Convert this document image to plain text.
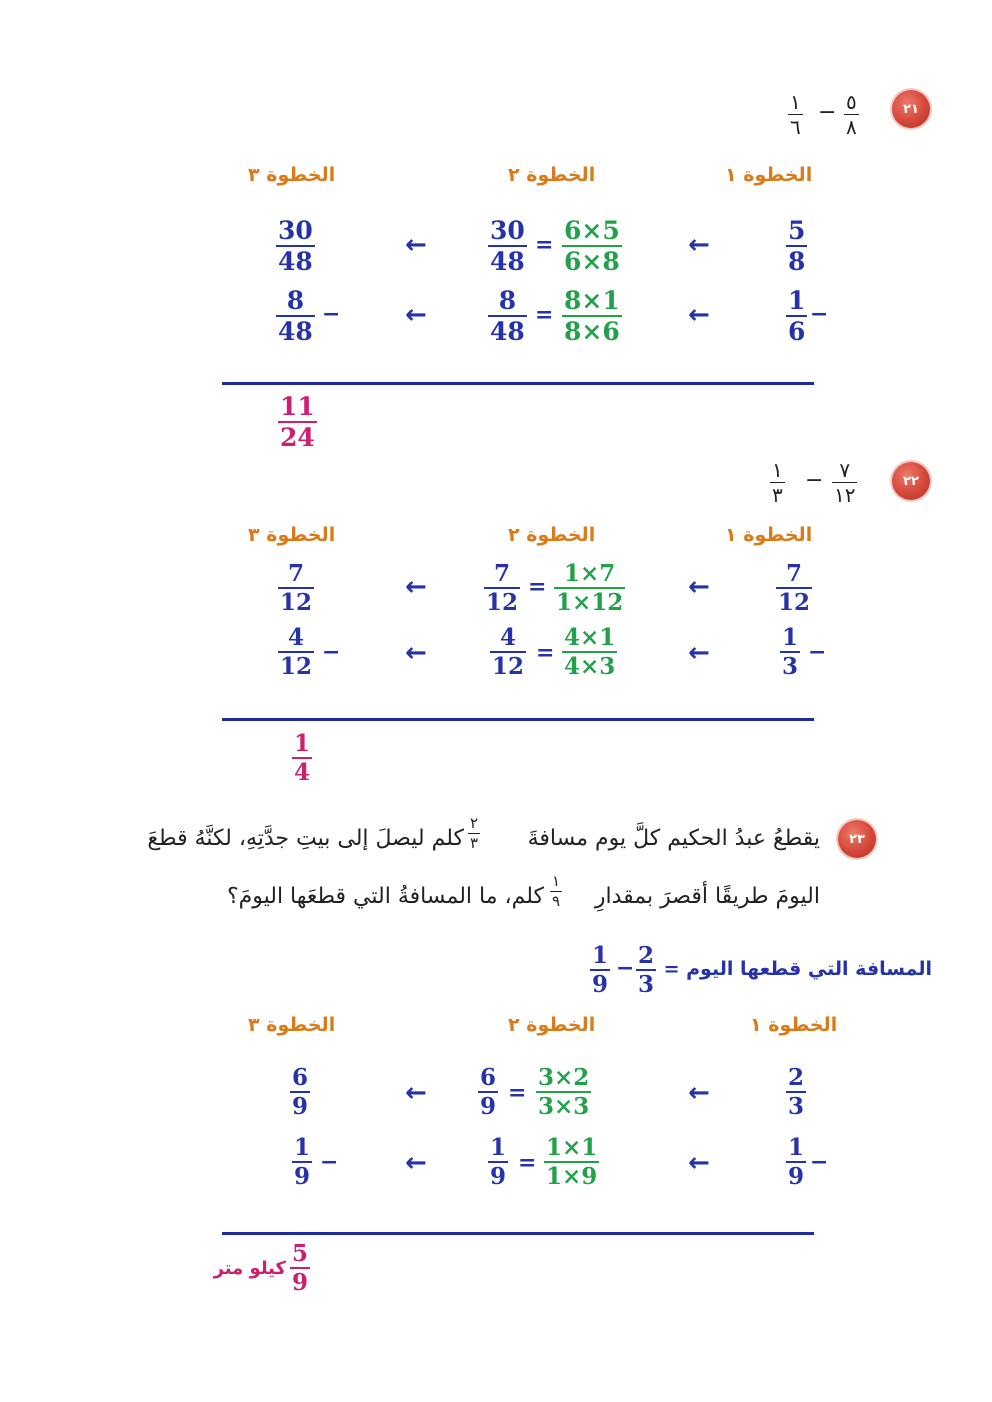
٢١
٥
٨
−
١
٦
الخطوة ١
الخطوة ٢
الخطوة ٣
$\frac{5}{8}$
←
$\frac{6\times 5}{6\times 8}$
=
$\frac{30}{48}$
←
$\frac{30}{48}$
−
$\frac{1}{6}$
←
$\frac{8\times 1}{8\times 6}$
=
$\frac{8}{48}$
←
−
$\frac{8}{48}$
$\frac{11}{24}$
٢٢
٧
١٢
−
١
٣
الخطوة ١
الخطوة ٢
الخطوة ٣
$\frac{7}{12}$
←
$\frac{1\times 7}{1\times 12}$
=
$\frac{7}{12}$
←
$\frac{7}{12}$
−
$\frac{1}{3}$
←
$\frac{4\times 1}{4\times 3}$
=
$\frac{4}{12}$
←
−
$\frac{4}{12}$
$\frac{1}{4}$
٢٣
يقطعُ عبدُ الحكيم كلَّ يوم مسافةَ
٢
٣
كلم ليصلَ إلى بيتِ جدَّتِهِ، لكنَّهُ قطعَ
اليومَ طريقًا أقصرَ بمقدارِ
١
٩
كلم، ما المسافةُ التي قطعَها اليومَ؟
المسافة التي قطعها اليوم =
$\frac{2}{3}$
−
$\frac{1}{9}$
الخطوة ١
الخطوة ٢
الخطوة ٣
$\frac{2}{3}$
←
$\frac{3\times 2}{3\times 3}$
=
$\frac{6}{9}$
←
$\frac{6}{9}$
−
$\frac{1}{9}$
←
$\frac{1\times 1}{1\times 9}$
=
$\frac{1}{9}$
←
−
$\frac{1}{9}$
$\frac{5}{9}$
كيلو متر
